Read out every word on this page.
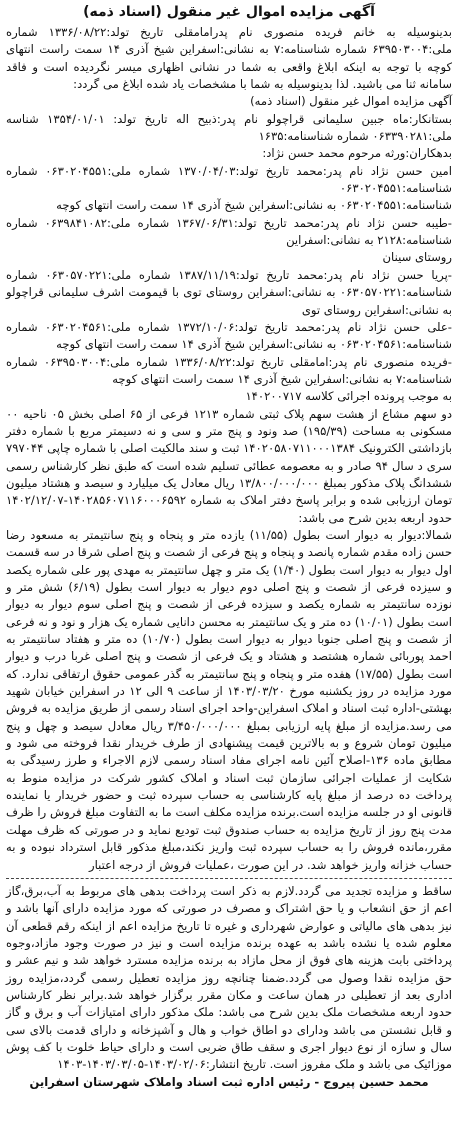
آگهی مزایده اموال غیر منقول (اسناد ذمه)

بدینوسیله به خانم فریده منصوری نام پدرامامقلی تاریخ تولد:۱۳۳۶/۰۸/۲۲ شماره ملی:۶۳۹۵۰۳۰۰۴ شماره شناسنامه:۷ به نشانی:اسفراین شیخ آذری ۱۴ سمت راست انتهای کوچه با توجه به اینکه ابلاغ واقعی به شما در نشانی اظهاری میسر نگردیده است و فاقد سامانه ثنا می باشید. لذا بدینوسیله به شما با مشخصات یاد شده ابلاغ می گردد:

آگهی مزایده اموال غیر منقول (اسناد ذمه)

بستانکار:ماه جبین سلیمانی قراچولو نام پدر:ذبیح اله تاریخ تولد: ۱۳۵۴/۰۱/۰۱ شناسه ملی:۰۶۳۳۹۰۲۸۱ شماره شناسنامه:۱۶۳۵

بدهکاران:ورثه مرحوم محمد حسن نژاد:

امین حسن نژاد نام پدر:محمد تاریخ تولد:۱۳۷۰/۰۴/۰۳ شماره ملی:۰۶۳۰۲۰۴۵۵۱ شماره شناسنامه:۰۶۳۰۲۰۴۵۵۱

شناسنامه:۰۶۳۰۲۰۴۵۵۱ به نشانی:اسفراین شیخ آذری ۱۴ سمت راست انتهای کوچه

-طیبه حسن نژاد نام پدر:محمد تاریخ تولد:۱۳۶۷/۰۶/۳۱ شماره ملی:۰۶۳۹۸۴۱۰۸۲ شماره شناسنامه:۲۱۲۸ به نشانی:اسفراین

روستای سینان

-پریا حسن نژاد نام پدر:محمد تاریخ تولد:۱۳۸۷/۱۱/۱۹ شماره ملی:۰۶۳۰۵۷۰۲۲۱ شماره شناسنامه:۰۶۳۰۵۷۰۲۲۱ به نشانی:اسفراین روستای توی با قیمومت اشرف سلیمانی قراچولو به نشانی:اسفراین روستای توی

-علی حسن نژاد نام پدر:محمد تاریخ تولد:۱۳۷۲/۱۰/۰۶ شماره ملی:۰۶۳۰۲۰۴۵۶۱ شماره شناسنامه:۰۶۳۰۲۰۴۵۶۱ به نشانی:اسفراین شیخ آذری ۱۴ سمت راست انتهای کوچه

-فریده منصوری نام پدر:امامقلی تاریخ تولد:۱۳۳۶/۰۸/۲۲ شماره ملی:۰۶۳۹۵۰۳۰۰۴ شماره شناسنامه:۷ به نشانی:اسفراین شیخ آذری ۱۴ سمت راست انتهای کوچه

به موجب پرونده اجرائی کلاسه ۱۴۰۲۰۰۷۱۷

دو سهم مشاع از هشت سهم پلاک ثبتی شماره ۱۲۱۳ فرعی از ۶۵ اصلی بخش ۰۵ ناحیه ۰۰ مسکونی به مساحت (۱۹۵/۳۹) صد ونود و پنج متر و سی و نه دسیمتر مربع با شماره دفتر بازداشتی الکترونیک ۱۴۰۲۰۵۸۰۷۱۱۰۰۰۱۳۸۴ ثبت و سند مالکیت اصلی با شماره چاپی ۷۹۷۰۴۴ سری د سال ۹۴ صادر و به معصومه عطائی تسلیم شده است که طبق نظر کارشناس رسمی ششدانگ پلاک مذکور بمبلغ ۱۳/۸۰۰/۰۰۰/۰۰۰ ریال معادل یک میلیارد و سیصد و هشتاد میلیون تومان ارزیابی شده و برابر پاسخ دفتر املاک به شماره ۱۴۰۲۸۵۶۰۷۱۱۶۰۰۰۶۵۹۲-۱۴۰۲/۱۲/۰۷ حدود اربعه بدین شرح می باشد:

شمالا:دیوار به دیوار است بطول (۱۱/۵۵) یازده متر و پنجاه و پنج سانتیمتر به مسعود رضا حسن زاده مقدم شماره پانصد و پنجاه و پنج فرعی از شصت و پنج اصلی شرقا در سه قسمت اول دیوار به دیوار است بطول (۱/۴۰) یک متر و چهل سانتیمتر به مهدی پور علی شماره یکصد و سیزده فرعی از شصت و پنج اصلی دوم دیوار به دیوار است بطول (۶/۱۹) شش متر و نوزده سانتیمتر به شماره یکصد و سیزده فرعی از شصت و پنج اصلی سوم دیوار به دیوار است بطول (۱۰/۰۱) ده متر و یک سانتیمتر به محسن دانایی شماره یک هزار و نود و نه فرعی از شصت و پنج اصلی جنوبا دیوار به دیوار است بطول (۱۰/۷۰) ده متر و هفتاد سانتیمتر به احمد پوربائی شماره هشتصد و هشتاد و یک فرعی از شصت و پنج اصلی غربا درب و دیوار است بطول (۱۷/۵۵) هفده متر و پنجاه و پنج سانتیمتر به گذر عمومی حقوق ارتفاقی ندارد. که مورد مزایده در روز یکشنبه مورخ ۱۴۰۳/۰۳/۲۰ از ساعت ۹ الی ۱۲ در اسفراین خیابان شهید بهشتی-اداره ثبت اسناد و املاک اسفراین-واحد اجرای اسناد رسمی از طریق مزایده به فروش می رسد.مزایده از مبلغ پایه ارزیابی بمبلغ ۳/۴۵۰/۰۰۰/۰۰۰ ریال معادل سیصد و چهل و پنج میلیون تومان شروع و به بالاترین قیمت پیشنهادی از طرف خریدار نقدا فروخته می شود و مطابق ماده ۱۳۶-اصلاح آئین نامه اجرای مفاد اسناد رسمی لازم الاجراء و طرز رسیدگی به شکایت از عملیات اجرائی سازمان ثبت اسناد و املاک کشور شرکت در مزایده منوط به پرداخت ده درصد از مبلغ پایه کارشناسی به حساب سپرده ثبت و حضور خریدار یا نماینده قانونی او در جلسه مزایده است.برنده مزایده مکلف است ما به التفاوت مبلغ فروش را ظرف مدت پنج روز از تاریخ مزایده به حساب صندوق ثبت تودیع نماید و در صورتی که ظرف مهلت مقرر،مانده فروش را به حساب سپرده ثبت واریز نکند،مبلغ مذکور قابل استرداد نبوده و به حساب خزانه واریز خواهد شد. در این صورت ،عملیات فروش از درجه اعتبار

ساقط و مزایده تجدید می گردد.لازم به ذکر است پرداخت بدهی های مربوط به آب،برق،گاز اعم از حق انشعاب و یا حق اشتراک و مصرف در صورتی که مورد مزایده دارای آنها باشد و نیز بدهی های مالیاتی و عوارض شهرداری و غیره تا تاریخ مزایده اعم از اینکه رقم قطعی آن معلوم شده یا نشده باشد به عهده برنده مزایده است و نیز در صورت وجود مازاد،وجوه پرداختی بابت هزینه های فوق از محل مازاد به برنده مزایده مسترد خواهد شد و نیم عشر و حق مزایده نقدا وصول می گردد.ضمنا چنانچه روز مزایده تعطیل رسمی گردد،مزایده روز اداری بعد از تعطیلی در همان ساعت و مکان مقرر برگزار خواهد شد.برابر نظر کارشناس حدود اربعه مشخصات ملک بدین شرح می باشد: ملک مذکور دارای امتیازات آب و برق و گاز و قابل نشستن می باشد ودارای دو اطاق خواب و هال و آشپزخانه و دارای قدمت بالای سی سال و سازه از نوع دیوار اجری و سقف طاق ضربی است و دارای حیاط خلوت با کف پوش موزائیک می باشد و ملک مفروز است. تاریخ انتشار:۱۴۰۳/۰۲/۰۶-۱۴۰۳/۰۳/۰۵-۱۴۰۳
محمد حسین پیروج - رئیس اداره ثبت اسناد واملاک شهرستان اسفراین
